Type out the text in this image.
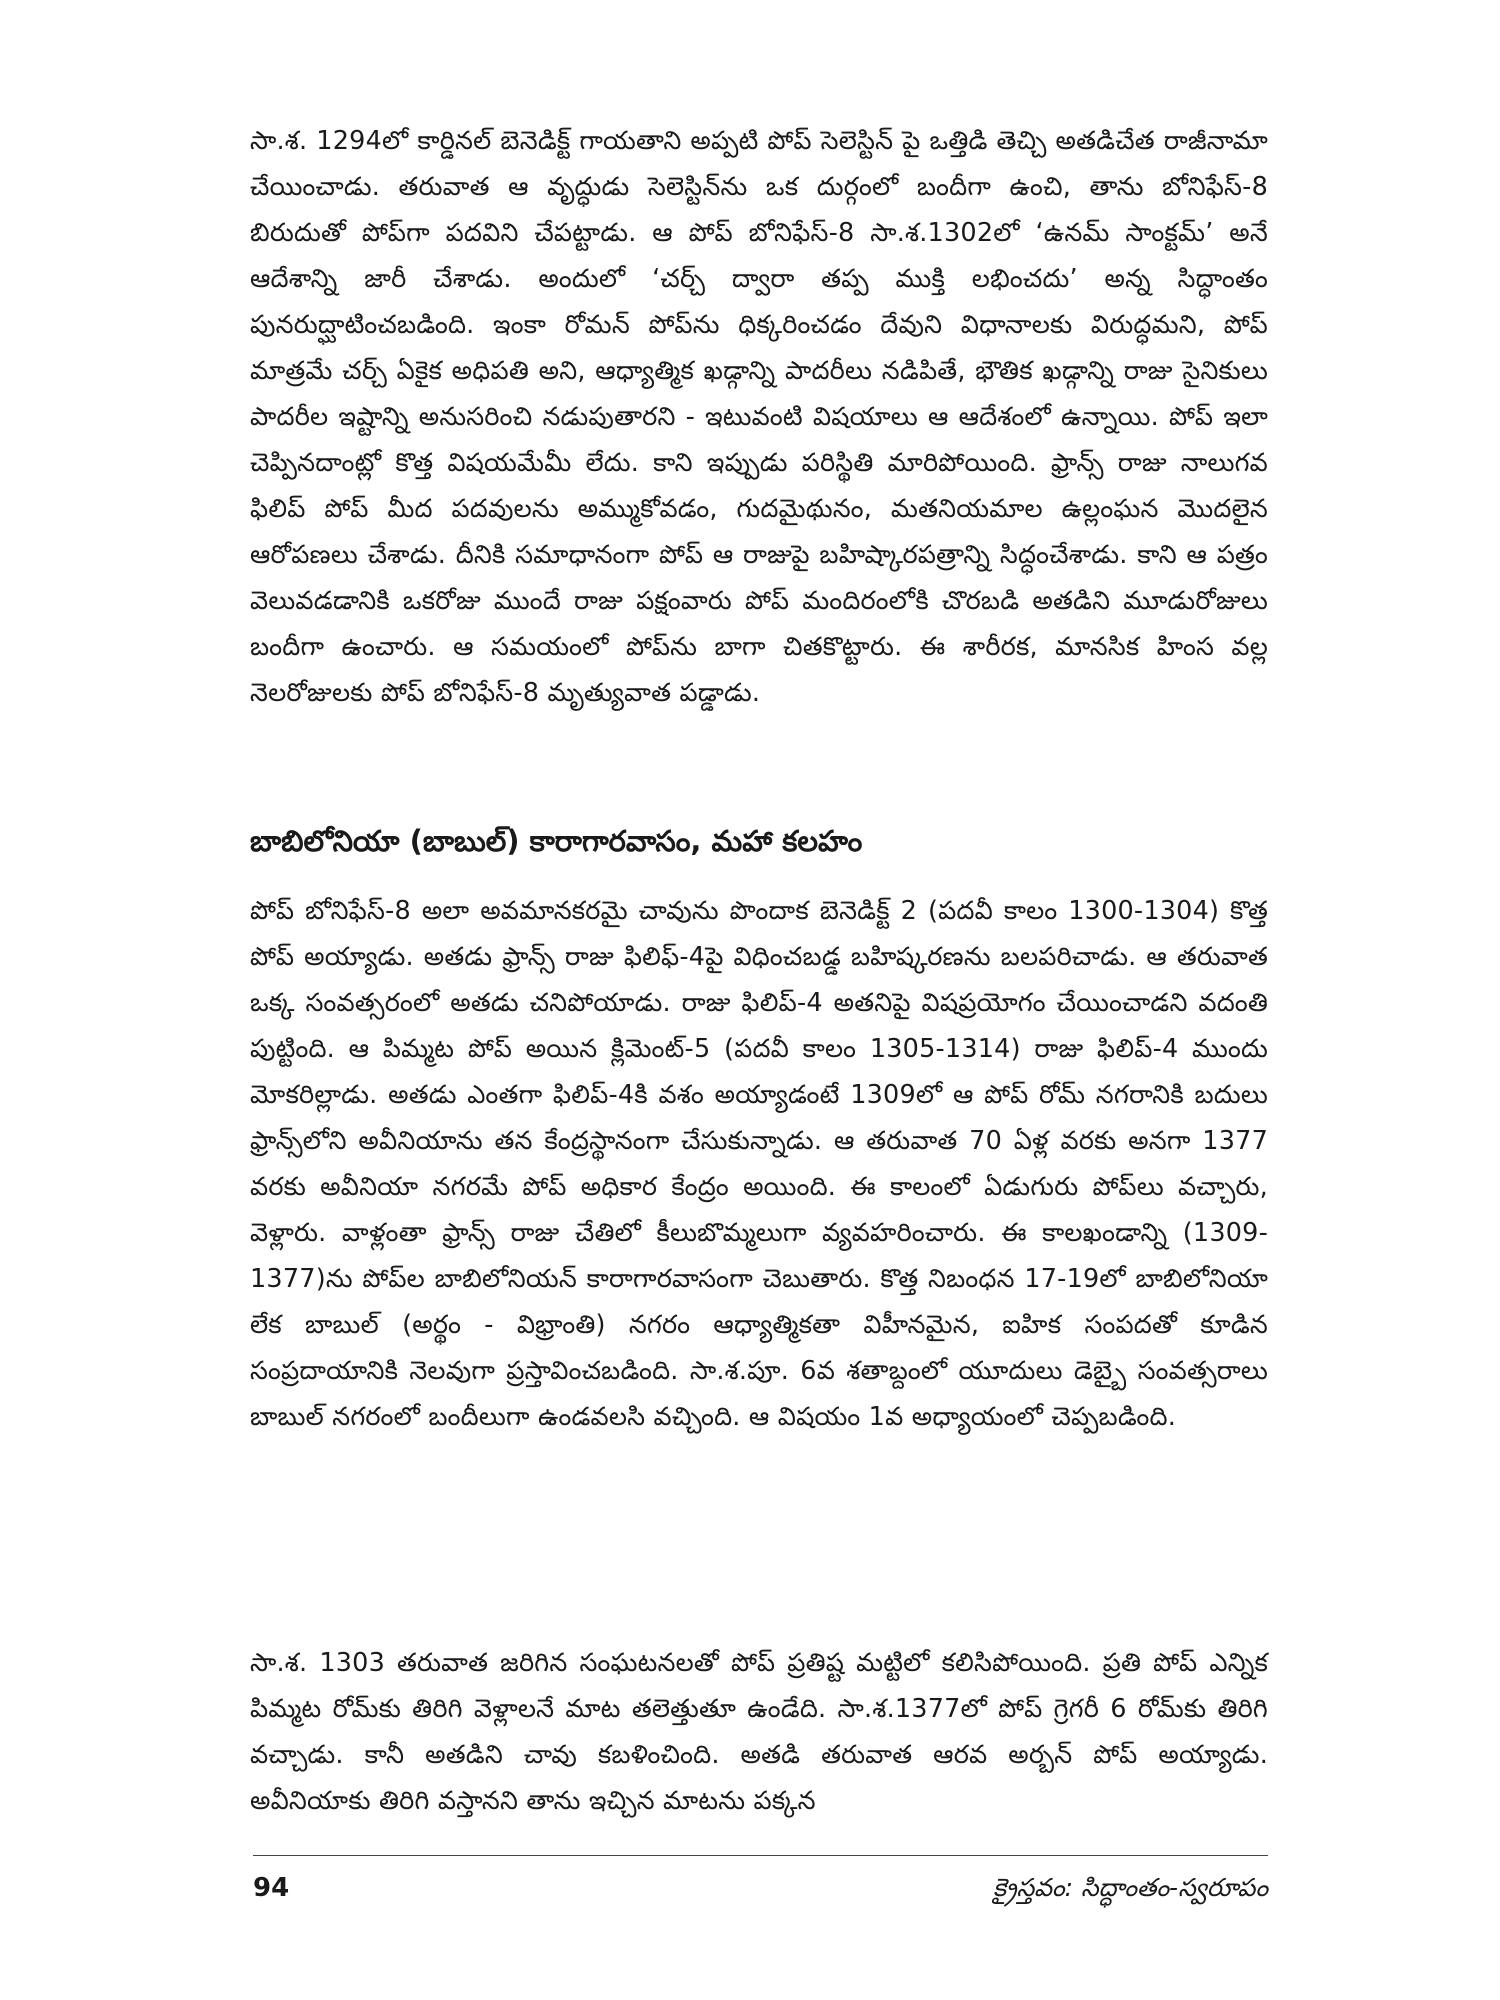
సా.శ. 1294లో కార్డినల్ బెనెడిక్ట్ గాయతాని అప్పటి పోప్ సెలెస్టిన్ పై ఒత్తిడి తెచ్చి అతడిచేత రాజీనామా చేయించాడు. తరువాత ఆ వృద్ధుడు సెలెస్టిన్‌ను ఒక దుర్గంలో బందీగా ఉంచి, తాను బోనిఫేస్-8 బిరుదుతో పోప్‌గా పదవిని చేపట్టాడు. ఆ పోప్ బోనిఫేస్-8 సా.శ.1302లో ‘ఉనమ్ సాంక్టమ్’ అనే ఆదేశాన్ని జారీ చేశాడు. అందులో ‘చర్చ్ ద్వారా తప్ప ముక్తి లభించదు’ అన్న సిద్ధాంతం పునరుద్ఘాటించబడింది. ఇంకా రోమన్ పోప్‌ను ధిక్కరించడం దేవుని విధానాలకు విరుద్ధమని, పోప్ మాత్రమే చర్చ్ ఏకైక అధిపతి అని, ఆధ్యాత్మిక ఖడ్గాన్ని పాదరీలు నడిపితే, భౌతిక ఖడ్గాన్ని రాజు సైనికులు పాదరీల ఇష్టాన్ని అనుసరించి నడుపుతారని - ఇటువంటి విషయాలు ఆ ఆదేశంలో ఉన్నాయి. పోప్ ఇలా చెప్పినదాంట్లో కొత్త విషయమేమీ లేదు. కాని ఇప్పుడు పరిస్థితి మారిపోయింది. ఫ్రాన్స్ రాజు నాలుగవ ఫిలిప్ పోప్ మీద పదవులను అమ్ముకోవడం, గుదమైథునం, మతనియమాల ఉల్లంఘన మొదలైన ఆరోపణలు చేశాడు. దీనికి సమాధానంగా పోప్ ఆ రాజుపై బహిష్కారపత్రాన్ని సిద్ధంచేశాడు. కాని ఆ పత్రం వెలువడడానికి ఒకరోజు ముందే రాజు పక్షంవారు పోప్ మందిరంలోకి చొరబడి అతడిని మూడురోజులు బందీగా ఉంచారు. ఆ సమయంలో పోప్‌ను బాగా చితకొట్టారు. ఈ శారీరక, మానసిక హింస వల్ల నెలరోజులకు పోప్ బోనిఫేస్-8 మృత్యువాత పడ్డాడు.

బాబిలోనియా (బాబుల్) కారాగారవాసం, మహా కలహం

పోప్ బోనిఫేస్-8 అలా అవమానకరమై చావును పొందాక బెనెడిక్ట్ 2 (పదవీ కాలం 1300-1304) కొత్త పోప్ అయ్యాడు. అతడు ఫ్రాన్స్ రాజు ఫిలిఫ్-4పై విధించబడ్డ బహిష్కరణను బలపరిచాడు. ఆ తరువాత ఒక్క సంవత్సరంలో అతడు చనిపోయాడు. రాజు ఫిలిప్-4 అతనిపై విషప్రయోగం చేయించాడని వదంతి పుట్టింది. ఆ పిమ్మట పోప్ అయిన క్లిమెంట్-5 (పదవీ కాలం 1305-1314) రాజు ఫిలిప్-4 ముందు మోకరిల్లాడు. అతడు ఎంతగా ఫిలిప్-4కి వశం అయ్యాడంటే 1309లో ఆ పోప్ రోమ్ నగరానికి బదులు ఫ్రాన్స్‌లోని అవీనియాను తన కేంద్రస్థానంగా చేసుకున్నాడు. ఆ తరువాత 70 ఏళ్ల వరకు అనగా 1377 వరకు అవీనియా నగరమే పోప్ అధికార కేంద్రం అయింది. ఈ కాలంలో ఏడుగురు పోప్‌లు వచ్చారు, వెళ్లారు. వాళ్లంతా ఫ్రాన్స్ రాజు చేతిలో కీలుబొమ్మలుగా వ్యవహరించారు. ఈ కాలఖండాన్ని (1309-1377)ను పోప్‌ల బాబిలోనియన్ కారాగారవాసంగా చెబుతారు. కొత్త నిబంధన 17-19లో బాబిలోనియా లేక బాబుల్ (అర్థం - విభ్రాంతి) నగరం ఆధ్యాత్మికతా విహీనమైన, ఐహిక సంపదతో కూడిన సంప్రదాయానికి నెలవుగా ప్రస్తావించబడింది. సా.శ.పూ. 6వ శతాబ్దంలో యూదులు డెబ్బై సంవత్సరాలు బాబుల్ నగరంలో బందీలుగా ఉండవలసి వచ్చింది. ఆ విషయం 1వ అధ్యాయంలో చెప్పబడింది.

సా.శ. 1303 తరువాత జరిగిన సంఘటనలతో పోప్ ప్రతిష్ట మట్టిలో కలిసిపోయింది. ప్రతి పోప్ ఎన్నిక పిమ్మట రోమ్‌కు తిరిగి వెళ్లాలనే మాట తలెత్తుతూ ఉండేది. సా.శ.1377లో పోప్ గ్రెగరీ 6 రోమ్‌కు తిరిగి వచ్చాడు. కానీ అతడిని చావు కబళించింది. అతడి తరువాత ఆరవ అర్బన్ పోప్ అయ్యాడు. అవీనియాకు తిరిగి వస్తానని తాను ఇచ్చిన మాటను పక్కన

94	క్రైస్తవం: సిద్ధాంతం-స్వరూపం
